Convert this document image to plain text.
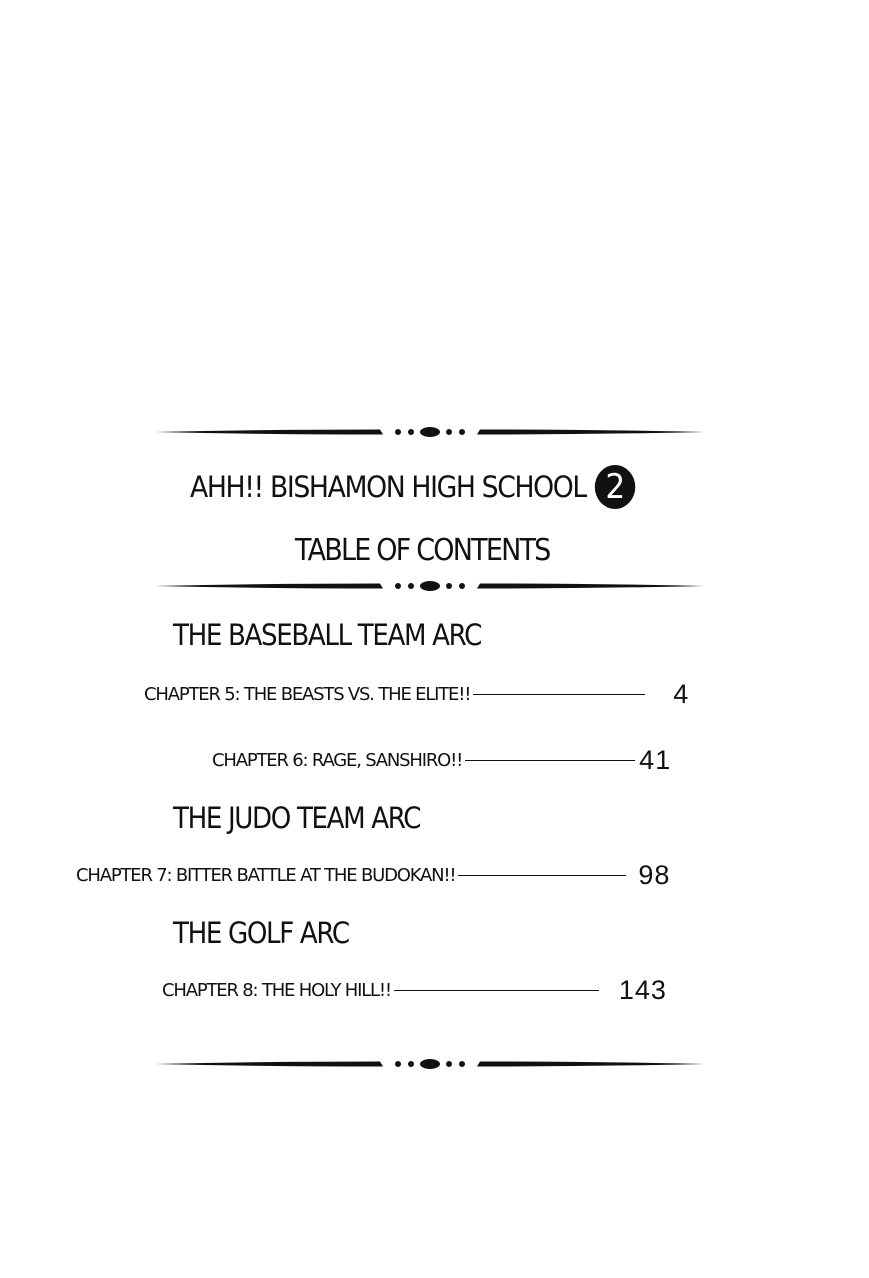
AHH!! BISHAMON HIGH SCHOOL 2
TABLE OF CONTENTS
THE BASEBALL TEAM ARC
CHAPTER 5: THE BEASTS VS. THE ELITE!!	4
CHAPTER 6: RAGE, SANSHIRO!!	41
THE JUDO TEAM ARC
CHAPTER 7: BITTER BATTLE AT THE BUDOKAN!!	98
THE GOLF ARC
CHAPTER 8: THE HOLY HILL!!	143
